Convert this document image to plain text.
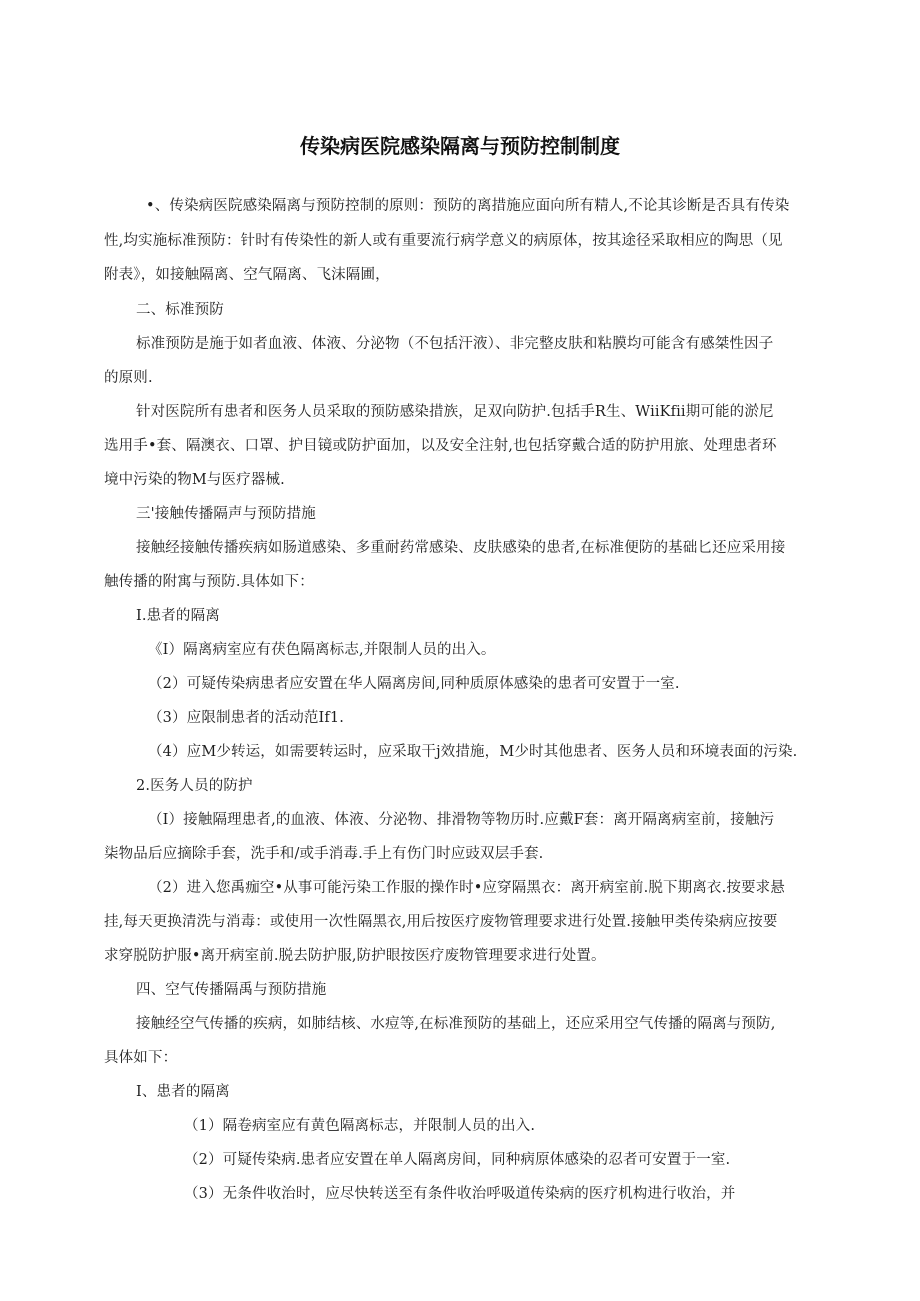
传染病医院感染隔离与预防控制制度
•、传染病医院感染隔离与预防控制的原则：预防的离措施应面向所有精人,不论其诊断是否具有传染
性,均实施标准预防：针时有传染性的新人或有重要流行病学意义的病原体，按其途径采取相应的陶思（见
附表》，如接触隔离、空气隔离、飞沫隔圃，
二、标准预防
标准预防是施于如者血液、体液、分泌物（不包括汗液）、非完整皮肤和粘膜均可能含有感桀性因子
的原则.
针对医院所有患者和医务人员采取的预防感染措族，足双向防护.包括手R生、WiiKfii期可能的淤尼
选用手•套、隔澳衣、口罩、护目镜或防护面加，以及安全注射,也包括穿戴合适的防护用旅、处理患者环
境中污染的物M与医疗器械.
三'接触传播隔声与预防措施
接触经接触传播疾病如肠道感染、多重耐药常感染、皮肤感染的患者,在标准便防的基础匕还应采用接
触传播的附寓与预防.具体如下：
I.患者的隔离
《I）隔离病室应有茯色隔离标志,并限制人员的出入。
（2）可疑传染病患者应安置在华人隔离房间,同种质原体感染的患者可安置于一室.
（3）应限制患者的活动范If1.
（4）应M少转运，如需要转运时，应采取干j效措施，M少时其他患者、医务人员和环境表面的污染.
2.医务人员的防护
（I）接触隔理患者,的血液、体液、分泌物、排滑物等物历时.应戴F套：离开隔离病室前，接触污
柒物品后应摘除手套，洗手和/或手消毒.手上有伤门时应豉双层手套.
（2）进入您禹痂空•从事可能污染工作服的操作时•应穿隔黑衣：离开病室前.脱下期离衣.按要求悬
挂,每天更换清洗与消毒：或使用一次性隔黑衣,用后按医疗废物管理要求进行处置.接触甲类传染病应按要
求穿脱防护服•离开病室前.脱去防护服,防护眼按医疗废物管理要求进行处置。
四、空气传播隔禹与预防措施
接触经空气传播的疾病，如肺结核、水痘等,在标准预防的基础上，还应采用空气传播的隔离与预防,
具体如下：
I、患者的隔离
（1）隔卷病室应有黄色隔离标志，并限制人员的出入.
（2）可疑传染病.患者应安置在单人隔离房间，同种病原体感染的忍者可安置于一室.
（3）无条件收治时，应尽快转送至有条件收治呼吸道传染病的医疗机构进行收治，并
